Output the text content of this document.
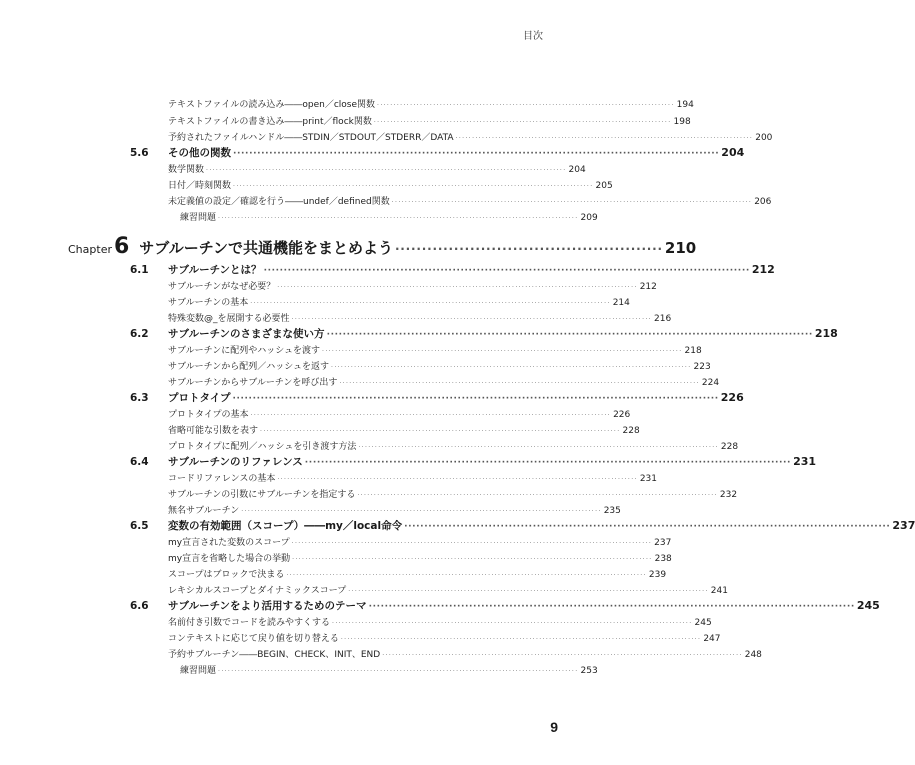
目次
テキストファイルの読み込み――open／close関数 ·························································································· 194
テキストファイルの書き込み――print／flock関数 ·························································································· 198
予約されたファイルハンドル――STDIN／STDOUT／STDERR／DATA ·························································································· 200
5.6 その他の関数 ························································································································· 204
数学関数 ············································································································· 204
日付／時刻関数 ············································································································· 205
未定義値の設定／確認を行う――undef／defined関数 ············································································································· 206
練習問題 ············································································································· 209
Chapter6 サブルーチンで共通機能をまとめよう ·················································· 210
6.1 サブルーチンとは？ ························································································································· 212
サブルーチンがなぜ必要？ ············································································································· 212
サブルーチンの基本 ············································································································· 214
特殊変数@_を展開する必要性 ············································································································· 216
6.2 サブルーチンのさまざまな使い方 ························································································································· 218
サブルーチンに配列やハッシュを渡す ············································································································· 218
サブルーチンから配列／ハッシュを返す ············································································································· 223
サブルーチンからサブルーチンを呼び出す ············································································································· 224
6.3 プロトタイプ ························································································································· 226
プロトタイプの基本 ············································································································· 226
省略可能な引数を表す ············································································································· 228
プロトタイプに配列／ハッシュを引き渡す方法 ············································································································· 228
6.4 サブルーチンのリファレンス ························································································································· 231
コードリファレンスの基本 ············································································································· 231
サブルーチンの引数にサブルーチンを指定する ············································································································· 232
無名サブルーチン ············································································································· 235
6.5 変数の有効範囲（スコープ）――my／local命令 ························································································································· 237
my宣言された変数のスコープ ············································································································· 237
my宣言を省略した場合の挙動 ············································································································· 238
スコープはブロックで決まる ············································································································· 239
レキシカルスコープとダイナミックスコープ ············································································································· 241
6.6 サブルーチンをより活用するためのテーマ ························································································································· 245
名前付き引数でコードを読みやすくする ············································································································· 245
コンテキストに応じて戻り値を切り替える ············································································································· 247
予約サブルーチン――BEGIN、CHECK、INIT、END ············································································································· 248
練習問題 ············································································································· 253
9
